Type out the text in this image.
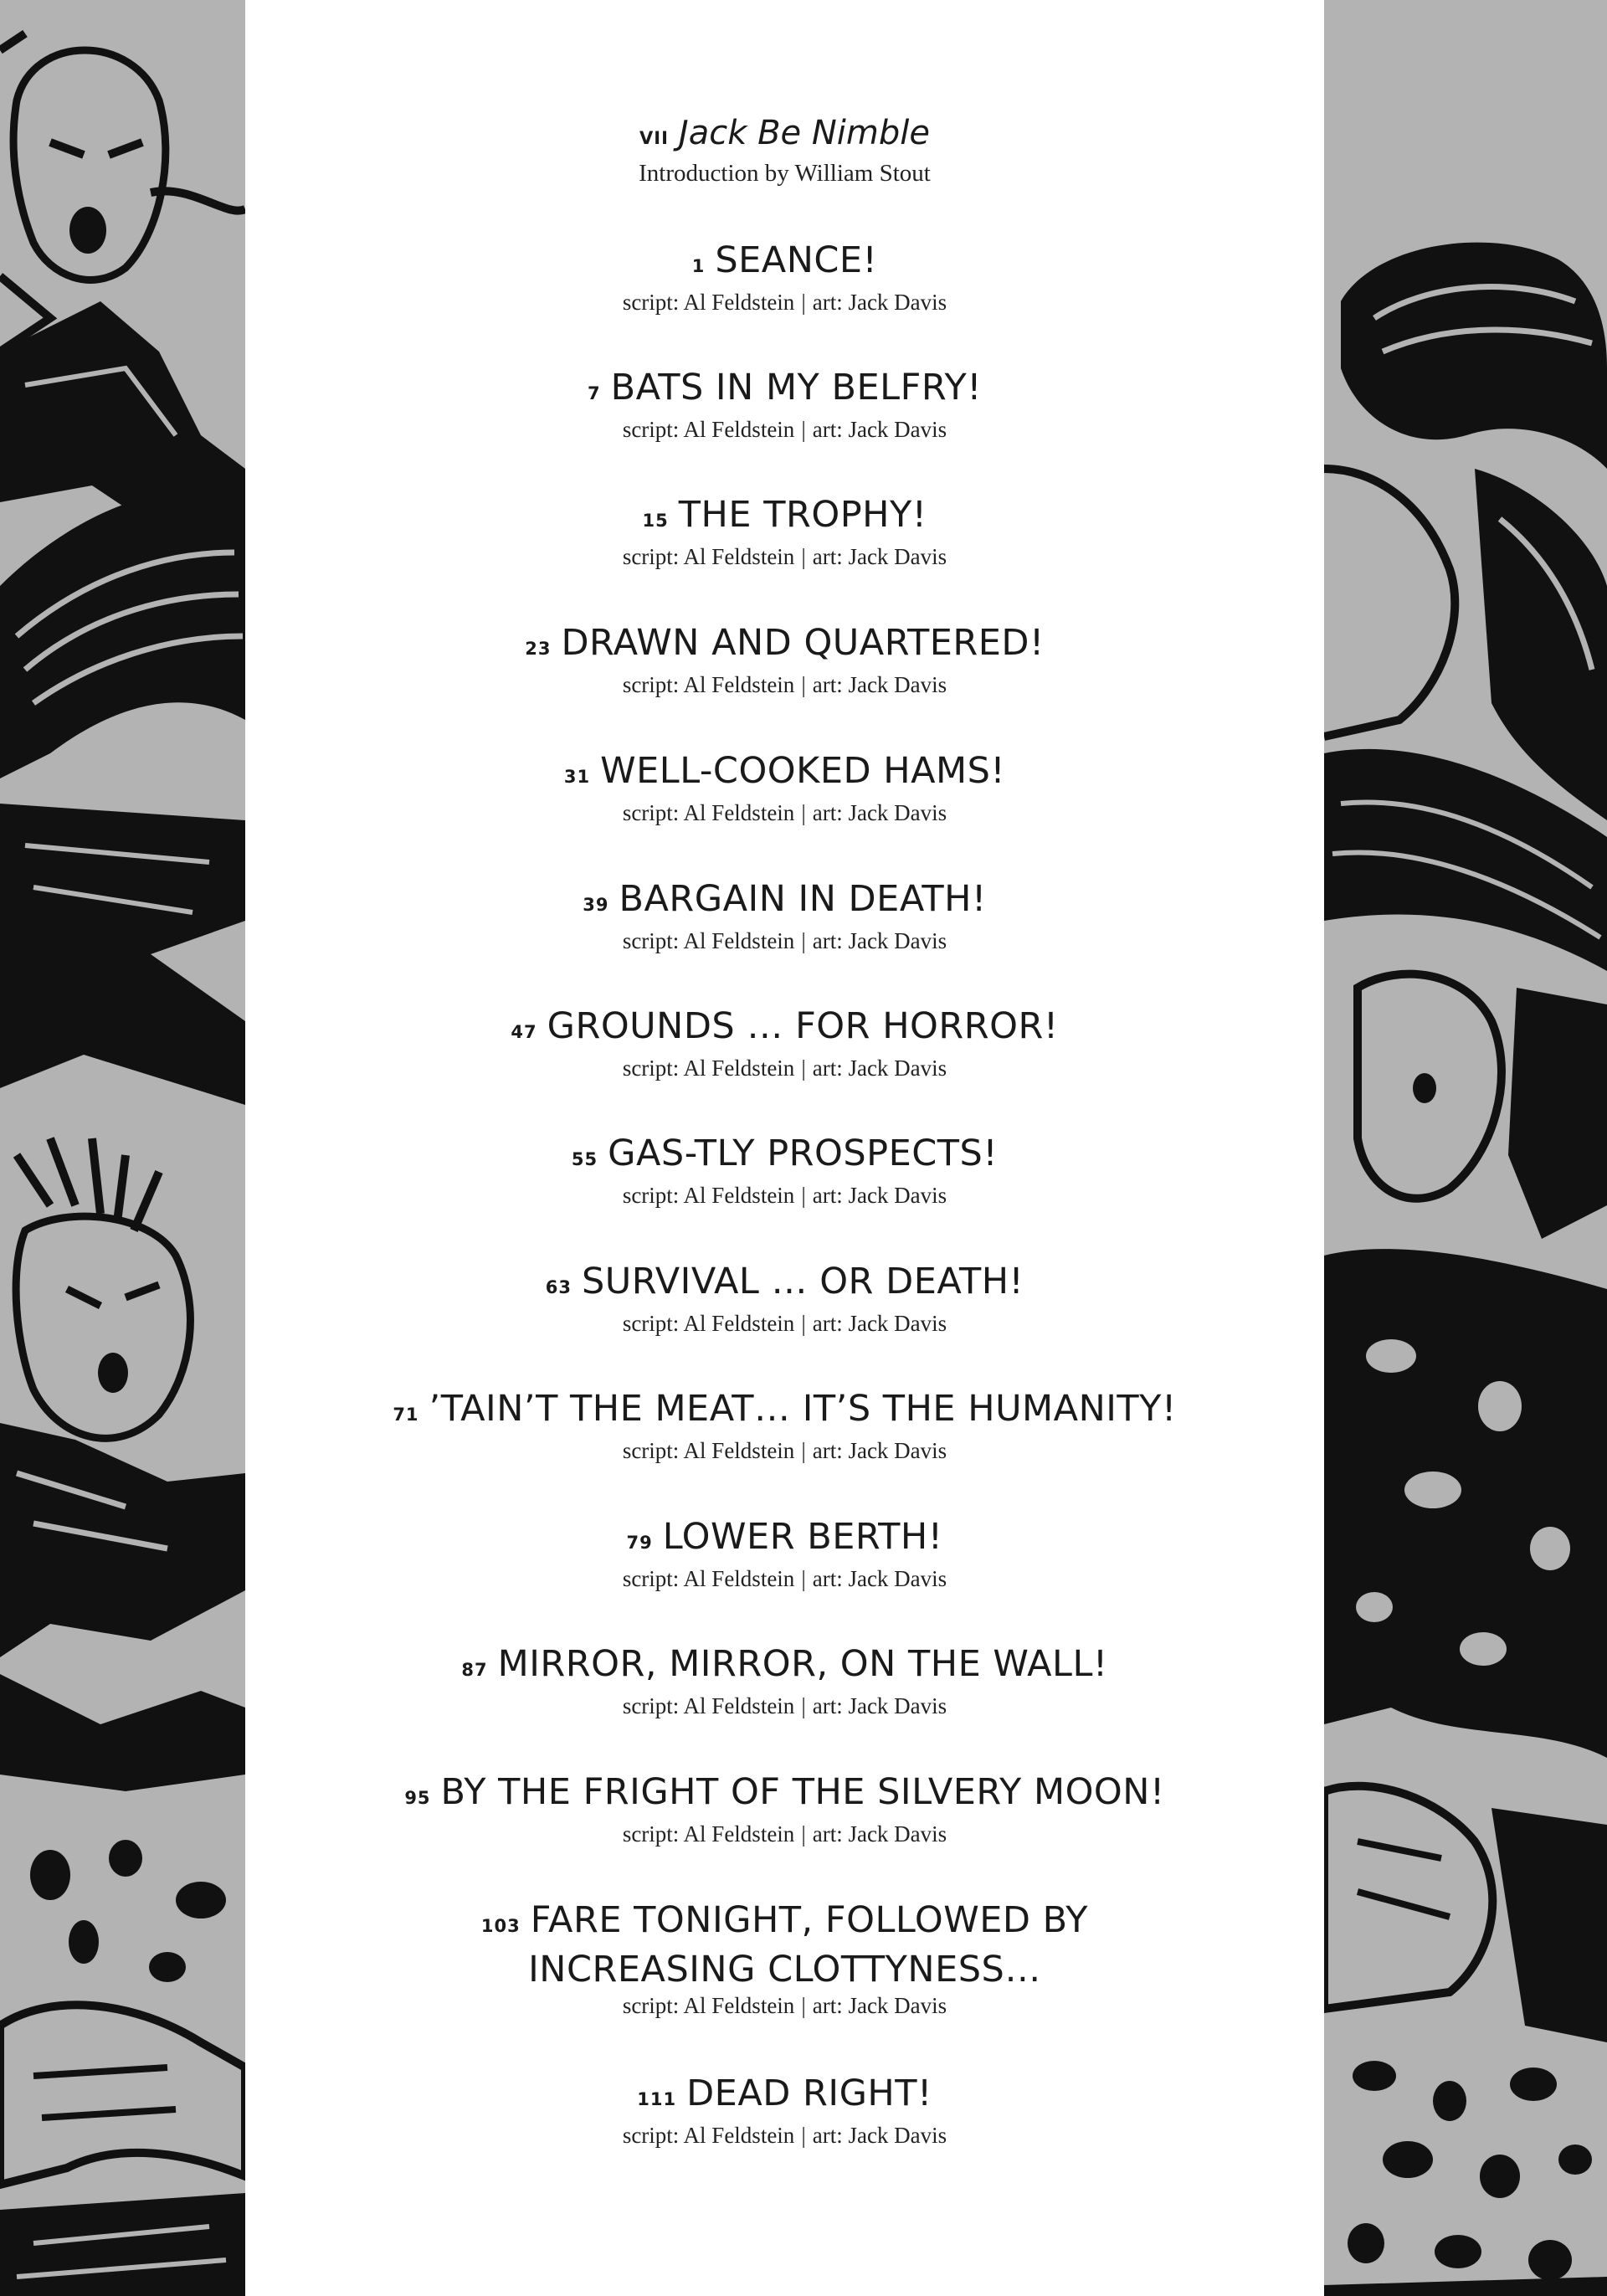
VII Jack Be Nimble
Introduction by William Stout
1 SEANCE!
script: Al Feldstein | art: Jack Davis
7 BATS IN MY BELFRY!
script: Al Feldstein | art: Jack Davis
15 THE TROPHY!
script: Al Feldstein | art: Jack Davis
23 DRAWN AND QUARTERED!
script: Al Feldstein | art: Jack Davis
31 WELL-COOKED HAMS!
script: Al Feldstein | art: Jack Davis
39 BARGAIN IN DEATH!
script: Al Feldstein | art: Jack Davis
47 GROUNDS … FOR HORROR!
script: Al Feldstein | art: Jack Davis
55 GAS-TLY PROSPECTS!
script: Al Feldstein | art: Jack Davis
63 SURVIVAL … OR DEATH!
script: Al Feldstein | art: Jack Davis
71 ’TAIN’T THE MEAT… IT’S THE HUMANITY!
script: Al Feldstein | art: Jack Davis
79 LOWER BERTH!
script: Al Feldstein | art: Jack Davis
87 MIRROR, MIRROR, ON THE WALL!
script: Al Feldstein | art: Jack Davis
95 BY THE FRIGHT OF THE SILVERY MOON!
script: Al Feldstein | art: Jack Davis
103 FARE TONIGHT, FOLLOWED BY
INCREASING CLOTTYNESS…
script: Al Feldstein | art: Jack Davis
111 DEAD RIGHT!
script: Al Feldstein | art: Jack Davis
